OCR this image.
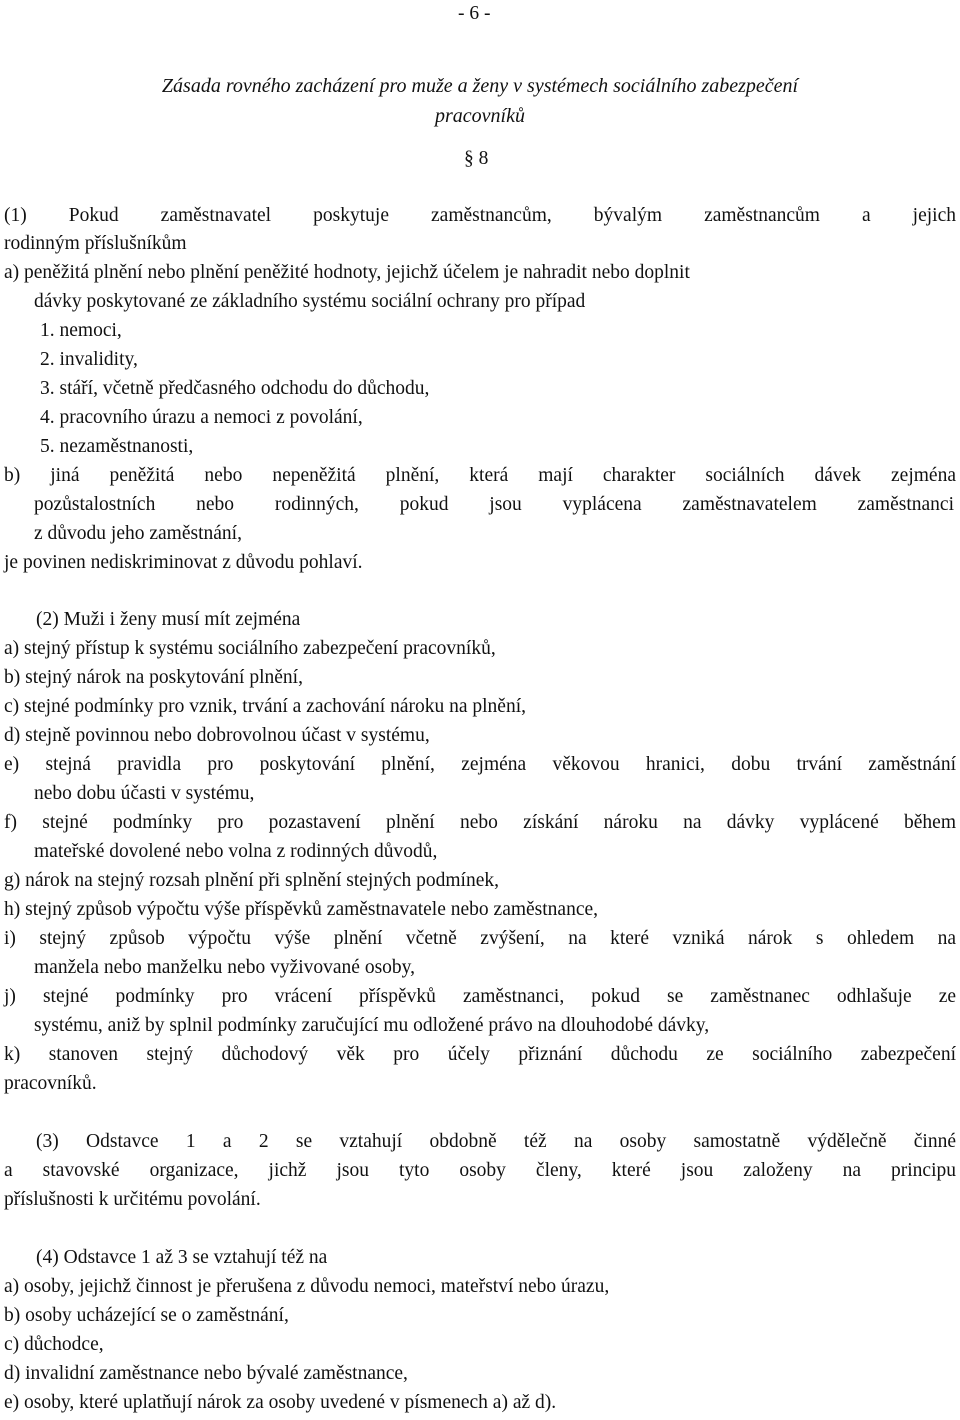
- 6 -
Zásada rovného zacházení pro muže a ženy v systémech sociálního zabezpečení
pracovníků
§ 8
(1) Pokud zaměstnavatel poskytuje zaměstnancům, bývalým zaměstnancům a jejich
rodinným příslušníkům
a) peněžitá plnění nebo plnění peněžité hodnoty, jejichž účelem je nahradit nebo doplnit
dávky poskytované ze základního systému sociální ochrany pro případ
1. nemoci,
2. invalidity,
3. stáří, včetně předčasného odchodu do důchodu,
4. pracovního úrazu a nemoci z povolání,
5. nezaměstnanosti,
b) jiná peněžitá nebo nepeněžitá plnění, která mají charakter sociálních dávek zejména
pozůstalostních nebo rodinných, pokud jsou vyplácena zaměstnavatelem zaměstnanci
z důvodu jeho zaměstnání,
je povinen nediskriminovat z důvodu pohlaví.
(2) Muži i ženy musí mít zejména
a) stejný přístup k systému sociálního zabezpečení pracovníků,
b) stejný nárok na poskytování plnění,
c) stejné podmínky pro vznik, trvání a zachování nároku na plnění,
d) stejně povinnou nebo dobrovolnou účast v systému,
e) stejná pravidla pro poskytování plnění, zejména věkovou hranici, dobu trvání zaměstnání
nebo dobu účasti v systému,
f) stejné podmínky pro pozastavení plnění nebo získání nároku na dávky vyplácené během
mateřské dovolené nebo volna z rodinných důvodů,
g) nárok na stejný rozsah plnění při splnění stejných podmínek,
h) stejný způsob výpočtu výše příspěvků zaměstnavatele nebo zaměstnance,
i) stejný způsob výpočtu výše plnění včetně zvýšení, na které vzniká nárok s ohledem na
manžela nebo manželku nebo vyživované osoby,
j) stejné podmínky pro vrácení příspěvků zaměstnanci, pokud se zaměstnanec odhlašuje ze
systému, aniž by splnil podmínky zaručující mu odložené právo na dlouhodobé dávky,
k) stanoven stejný důchodový věk pro účely přiznání důchodu ze sociálního zabezpečení
pracovníků.
(3) Odstavce 1 a 2 se vztahují obdobně též na osoby samostatně výdělečně činné
a stavovské organizace, jichž jsou tyto osoby členy, které jsou založeny na principu
příslušnosti k určitému povolání.
(4) Odstavce 1 až 3 se vztahují též na
a) osoby, jejichž činnost je přerušena z důvodu nemoci, mateřství nebo úrazu,
b) osoby ucházející se o zaměstnání,
c) důchodce,
d) invalidní zaměstnance nebo bývalé zaměstnance,
e) osoby, které uplatňují nárok za osoby uvedené v písmenech a) až d).
